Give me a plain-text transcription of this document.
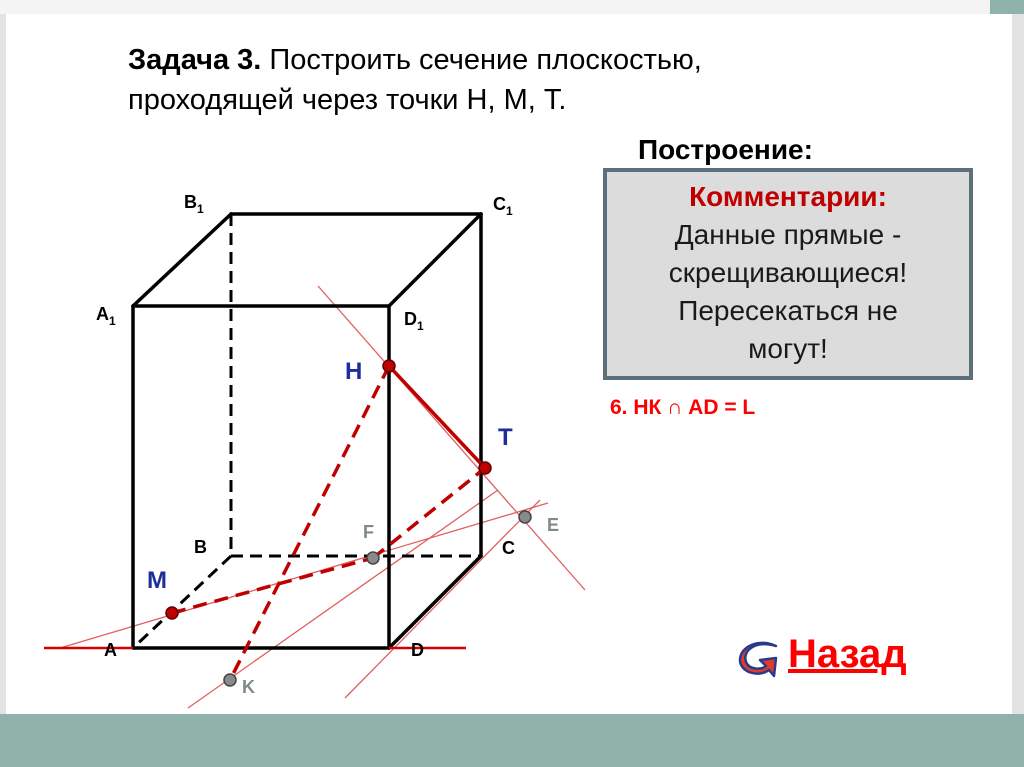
Задача 3. Построить сечение плоскостью,
проходящей через точки Н, М, Т.
Построение:
$B_1$	$C_1$
$A_1$	$D_1$
A
B	C
D
H
T
M
F	E
K
Комментарии:
Данные прямые -
скрещивающиеся!
Пересекаться не
могут!
6. НК ∩ AD = L
Назад
